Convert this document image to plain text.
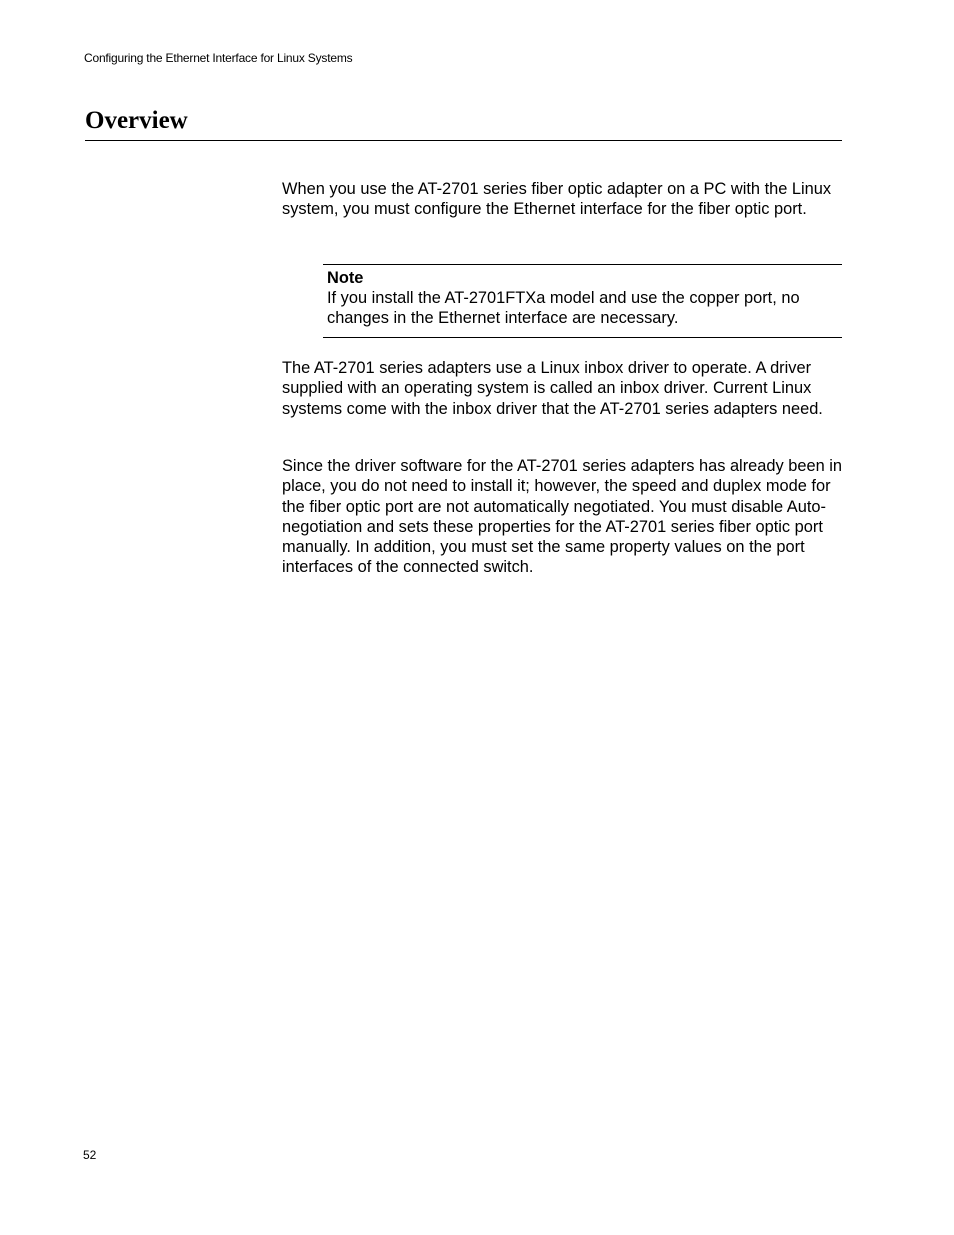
Configuring the Ethernet Interface for Linux Systems
Overview

When you use the AT-2701 series fiber optic adapter on a PC with the Linux system, you must configure the Ethernet interface for the fiber optic port.

Note

If you install the AT-2701FTXa model and use the copper port, no changes in the Ethernet interface are necessary.

The AT-2701 series adapters use a Linux inbox driver to operate. A driver supplied with an operating system is called an inbox driver. Current Linux systems come with the inbox driver that the AT-2701 series adapters need.

Since the driver software for the AT-2701 series adapters has already been in place, you do not need to install it; however, the speed and duplex mode for the fiber optic port are not automatically negotiated. You must disable Auto-negotiation and sets these properties for the AT-2701 series fiber optic port manually. In addition, you must set the same property values on the port interfaces of the connected switch.

52
